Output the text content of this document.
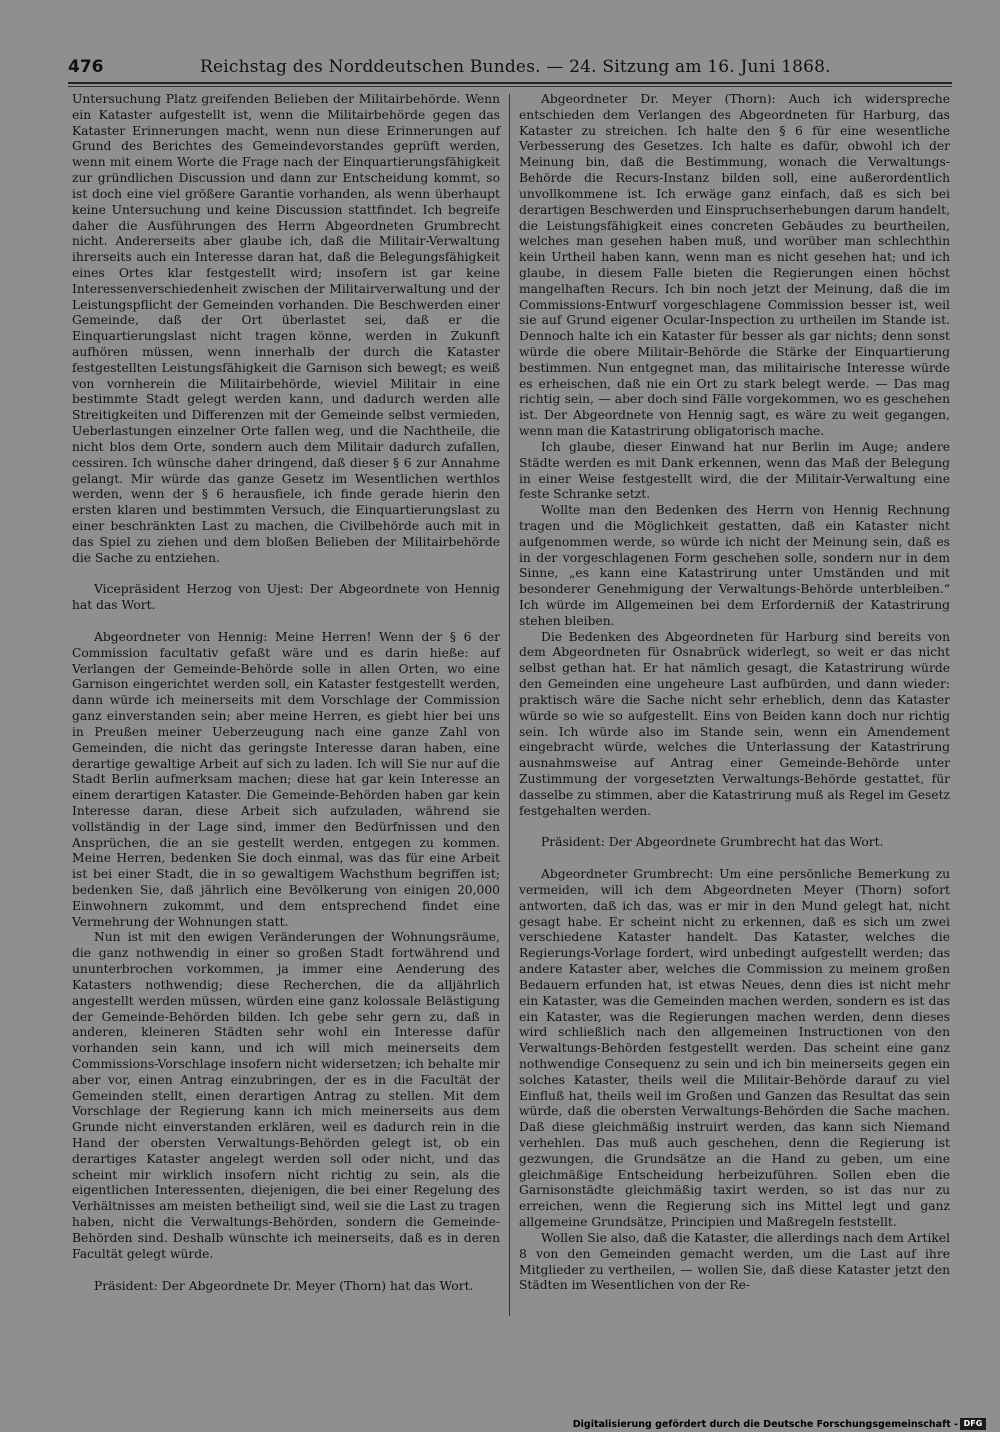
476	Reichstag des Norddeutschen Bundes. — 24. Sitzung am 16. Juni 1868.

Untersuchung Platz greifenden Belieben der Militairbehörde. Wenn ein Kataster aufgestellt ist, wenn die Militairbehörde gegen das Kataster Erinnerungen macht, wenn nun diese Erinnerungen auf Grund des Berichtes des Gemeindevorstandes geprüft werden, wenn mit einem Worte die Frage nach der Einquartierungsfähigkeit zur gründlichen Discussion und dann zur Entscheidung kommt, so ist doch eine viel größere Garantie vorhanden, als wenn überhaupt keine Untersuchung und keine Discussion stattfindet. Ich begreife daher die Ausführungen des Herrn Abgeordneten Grumbrecht nicht. Andererseits aber glaube ich, daß die Militair-Verwaltung ihrerseits auch ein Interesse daran hat, daß die Belegungsfähigkeit eines Ortes klar festgestellt wird; insofern ist gar keine Interessenverschiedenheit zwischen der Militairverwaltung und der Leistungspflicht der Gemeinden vorhanden. Die Beschwerden einer Gemeinde, daß der Ort überlastet sei, daß er die Einquartierungslast nicht tragen könne, werden in Zukunft aufhören müssen, wenn innerhalb der durch die Kataster festgestellten Leistungsfähigkeit die Garnison sich bewegt; es weiß von vornherein die Militairbehörde, wieviel Militair in eine bestimmte Stadt gelegt werden kann, und dadurch werden alle Streitigkeiten und Differenzen mit der Gemeinde selbst vermieden, Ueberlastungen einzelner Orte fallen weg, und die Nachtheile, die nicht blos dem Orte, sondern auch dem Militair dadurch zufallen, cessiren. Ich wünsche daher dringend, daß dieser § 6 zur Annahme gelangt. Mir würde das ganze Gesetz im Wesentlichen werthlos werden, wenn der § 6 herausfiele, ich finde gerade hierin den ersten klaren und bestimmten Versuch, die Einquartierungslast zu einer beschränkten Last zu machen, die Civilbehörde auch mit in das Spiel zu ziehen und dem bloßen Belieben der Militairbehörde die Sache zu entziehen.

Vicepräsident Herzog von Ujest: Der Abgeordnete von Hennig hat das Wort.

Abgeordneter von Hennig: Meine Herren! Wenn der § 6 der Commission facultativ gefaßt wäre und es darin hieße: auf Verlangen der Gemeinde-Behörde solle in allen Orten, wo eine Garnison eingerichtet werden soll, ein Kataster festgestellt werden, dann würde ich meinerseits mit dem Vorschlage der Commission ganz einverstanden sein; aber meine Herren, es giebt hier bei uns in Preußen meiner Ueberzeugung nach eine ganze Zahl von Gemeinden, die nicht das geringste Interesse daran haben, eine derartige gewaltige Arbeit auf sich zu laden. Ich will Sie nur auf die Stadt Berlin aufmerksam machen; diese hat gar kein Interesse an einem derartigen Kataster. Die Gemeinde-Behörden haben gar kein Interesse daran, diese Arbeit sich aufzuladen, während sie vollständig in der Lage sind, immer den Bedürfnissen und den Ansprüchen, die an sie gestellt werden, entgegen zu kommen. Meine Herren, bedenken Sie doch einmal, was das für eine Arbeit ist bei einer Stadt, die in so gewaltigem Wachsthum begriffen ist; bedenken Sie, daß jährlich eine Bevölkerung von einigen 20,000 Einwohnern zukommt, und dem entsprechend findet eine Vermehrung der Wohnungen statt.

Nun ist mit den ewigen Veränderungen der Wohnungsräume, die ganz nothwendig in einer so großen Stadt fortwährend und ununterbrochen vorkommen, ja immer eine Aenderung des Katasters nothwendig; diese Recherchen, die da alljährlich angestellt werden müssen, würden eine ganz kolossale Belästigung der Gemeinde-Behörden bilden. Ich gebe sehr gern zu, daß in anderen, kleineren Städten sehr wohl ein Interesse dafür vorhanden sein kann, und ich will mich meinerseits dem Commissions-Vorschlage insofern nicht widersetzen; ich behalte mir aber vor, einen Antrag einzubringen, der es in die Facultät der Gemeinden stellt, einen derartigen Antrag zu stellen. Mit dem Vorschlage der Regierung kann ich mich meinerseits aus dem Grunde nicht einverstanden erklären, weil es dadurch rein in die Hand der obersten Verwaltungs-Behörden gelegt ist, ob ein derartiges Kataster angelegt werden soll oder nicht, und das scheint mir wirklich insofern nicht richtig zu sein, als die eigentlichen Interessenten, diejenigen, die bei einer Regelung des Verhältnisses am meisten betheiligt sind, weil sie die Last zu tragen haben, nicht die Verwaltungs-Behörden, sondern die Gemeinde-Behörden sind. Deshalb wünschte ich meinerseits, daß es in deren Facultät gelegt würde.

Präsident: Der Abgeordnete Dr. Meyer (Thorn) hat das Wort.

Abgeordneter Dr. Meyer (Thorn): Auch ich widerspreche entschieden dem Verlangen des Abgeordneten für Harburg, das Kataster zu streichen. Ich halte den § 6 für eine wesentliche Verbesserung des Gesetzes. Ich halte es dafür, obwohl ich der Meinung bin, daß die Bestimmung, wonach die Verwaltungs-Behörde die Recurs-Instanz bilden soll, eine außerordentlich unvollkommene ist. Ich erwäge ganz einfach, daß es sich bei derartigen Beschwerden und Einspruchserhebungen darum handelt, die Leistungsfähigkeit eines concreten Gebäudes zu beurtheilen, welches man gesehen haben muß, und worüber man schlechthin kein Urtheil haben kann, wenn man es nicht gesehen hat; und ich glaube, in diesem Falle bieten die Regierungen einen höchst mangelhaften Recurs. Ich bin noch jetzt der Meinung, daß die im Commissions-Entwurf vorgeschlagene Commission besser ist, weil sie auf Grund eigener Ocular-Inspection zu urtheilen im Stande ist. Dennoch halte ich ein Kataster für besser als gar nichts; denn sonst würde die obere Militair-Behörde die Stärke der Einquartierung bestimmen. Nun entgegnet man, das militairische Interesse würde es erheischen, daß nie ein Ort zu stark belegt werde. — Das mag richtig sein, — aber doch sind Fälle vorgekommen, wo es geschehen ist. Der Abgeordnete von Hennig sagt, es wäre zu weit gegangen, wenn man die Katastrirung obligatorisch mache.

Ich glaube, dieser Einwand hat nur Berlin im Auge; andere Städte werden es mit Dank erkennen, wenn das Maß der Belegung in einer Weise festgestellt wird, die der Militair-Verwaltung eine feste Schranke setzt.

Wollte man den Bedenken des Herrn von Hennig Rechnung tragen und die Möglichkeit gestatten, daß ein Kataster nicht aufgenommen werde, so würde ich nicht der Meinung sein, daß es in der vorgeschlagenen Form geschehen solle, sondern nur in dem Sinne, „es kann eine Katastrirung unter Umständen und mit besonderer Genehmigung der Verwaltungs-Behörde unterbleiben.“ Ich würde im Allgemeinen bei dem Erforderniß der Katastrirung stehen bleiben.

Die Bedenken des Abgeordneten für Harburg sind bereits von dem Abgeordneten für Osnabrück widerlegt, so weit er das nicht selbst gethan hat. Er hat nämlich gesagt, die Katastrirung würde den Gemeinden eine ungeheure Last aufbürden, und dann wieder: praktisch wäre die Sache nicht sehr erheblich, denn das Kataster würde so wie so aufgestellt. Eins von Beiden kann doch nur richtig sein. Ich würde also im Stande sein, wenn ein Amendement eingebracht würde, welches die Unterlassung der Katastrirung ausnahmsweise auf Antrag einer Gemeinde-Behörde unter Zustimmung der vorgesetzten Verwaltungs-Behörde gestattet, für dasselbe zu stimmen, aber die Katastrirung muß als Regel im Gesetz festgehalten werden.

Präsident: Der Abgeordnete Grumbrecht hat das Wort.

Abgeordneter Grumbrecht: Um eine persönliche Bemerkung zu vermeiden, will ich dem Abgeordneten Meyer (Thorn) sofort antworten, daß ich das, was er mir in den Mund gelegt hat, nicht gesagt habe. Er scheint nicht zu erkennen, daß es sich um zwei verschiedene Kataster handelt. Das Kataster, welches die Regierungs-Vorlage fordert, wird unbedingt aufgestellt werden; das andere Kataster aber, welches die Commission zu meinem großen Bedauern erfunden hat, ist etwas Neues, denn dies ist nicht mehr ein Kataster, was die Gemeinden machen werden, sondern es ist das ein Kataster, was die Regierungen machen werden, denn dieses wird schließlich nach den allgemeinen Instructionen von den Verwaltungs-Behörden festgestellt werden. Das scheint eine ganz nothwendige Consequenz zu sein und ich bin meinerseits gegen ein solches Kataster, theils weil die Militair-Behörde darauf zu viel Einfluß hat, theils weil im Großen und Ganzen das Resultat das sein würde, daß die obersten Verwaltungs-Behörden die Sache machen. Daß diese gleichmäßig instruirt werden, das kann sich Niemand verhehlen. Das muß auch geschehen, denn die Regierung ist gezwungen, die Grundsätze an die Hand zu geben, um eine gleichmäßige Entscheidung herbeizuführen. Sollen eben die Garnisonstädte gleichmäßig taxirt werden, so ist das nur zu erreichen, wenn die Regierung sich ins Mittel legt und ganz allgemeine Grundsätze, Principien und Maßregeln feststellt.

Wollen Sie also, daß die Kataster, die allerdings nach dem Artikel 8 von den Gemeinden gemacht werden, um die Last auf ihre Mitglieder zu vertheilen, — wollen Sie, daß diese Kataster jetzt den Städten im Wesentlichen von der Re-

Digitalisierung gefördert durch die Deutsche Forschungsgemeinschaft - DFG
